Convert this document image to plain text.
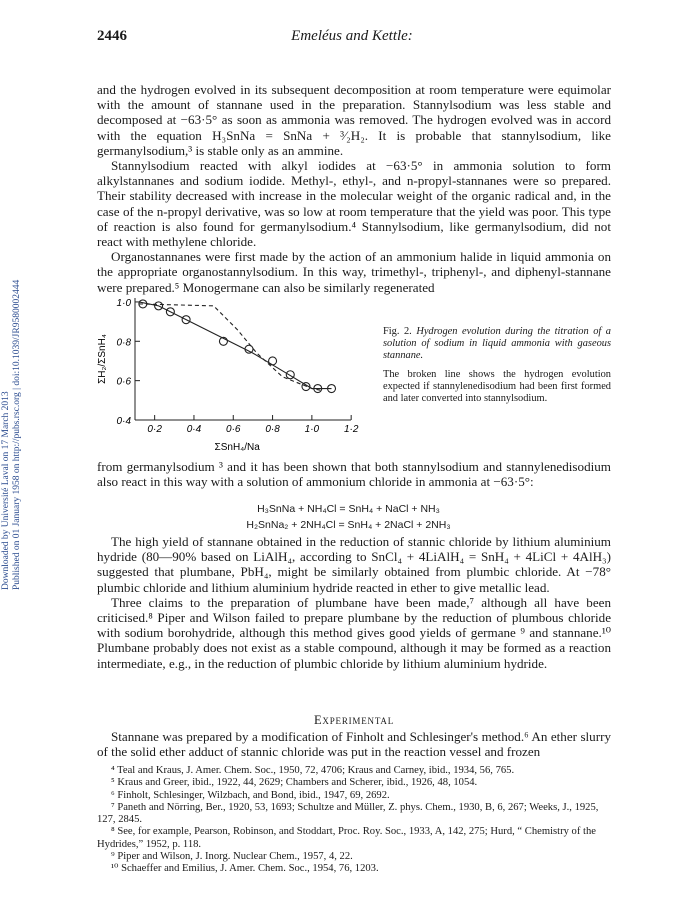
Downloaded by Université Laval on 17 March 2013 Published on 01 January 1958 on http://pubs.rsc.org | doi:10.1039/JR9580002444
2446	Emeléus and Kettle:

and the hydrogen evolved in its subsequent decomposition at room temperature were equimolar with the amount of stannane used in the preparation. Stannylsodium was less stable and decomposed at −63·5° as soon as ammonia was removed. The hydrogen evolved was in accord with the equation H₃SnNa = SnNa + ³⁄₂H₂. It is probable that stannylsodium, like germanylsodium,³ is stable only as an ammine.

Stannylsodium reacted with alkyl iodides at −63·5° in ammonia solution to form alkylstannanes and sodium iodide. Methyl-, ethyl-, and n-propyl-stannanes were so prepared. Their stability decreased with increase in the molecular weight of the organic radical and, in the case of the n-propyl derivative, was so low at room temperature that the yield was poor. This type of reaction is also found for germanylsodium.⁴ Stannylsodium, like germanylsodium, did not react with methylene chloride.

Organostannanes were first made by the action of an ammonium halide in liquid ammonia on the appropriate organostannylsodium. In this way, trimethyl-, triphenyl-, and diphenyl-stannane were prepared.⁵ Monogermane can also be similarly regenerated

0·2 0·4 0·6 0·8 1·0 1·2
1·0
0·8
0·6
0·4
ΣSnH₄/Na
ΣH₂/ΣSnH₄
Fig. 2. Hydrogen evolution during the titration of a solution of sodium in liquid ammonia with gaseous stannane.
The broken line shows the hydrogen evolution expected if stannylenedisodium had been first formed and later converted into stannylsodium.

from germanylsodium ³ and it has been shown that both stannylsodium and stannylenedisodium also react in this way with a solution of ammonium chloride in ammonia at −63·5°:

H₃SnNa + NH₄Cl = SnH₄ + NaCl + NH₃
H₂SnNa₂ + 2NH₄Cl = SnH₄ + 2NaCl + 2NH₃

The high yield of stannane obtained in the reduction of stannic chloride by lithium aluminium hydride (80—90% based on LiAlH₄, according to SnCl₄ + 4LiAlH₄ = SnH₄ + 4LiCl + 4AlH₃) suggested that plumbane, PbH₄, might be similarly obtained from plumbic chloride. At −78° plumbic chloride and lithium aluminium hydride reacted in ether to give metallic lead.

Three claims to the preparation of plumbane have been made,⁷ although all have been criticised.⁸ Piper and Wilson failed to prepare plumbane by the reduction of plumbous chloride with sodium borohydride, although this method gives good yields of germane ⁹ and stannane.¹⁰ Plumbane probably does not exist as a stable compound, although it may be formed as a reaction intermediate, e.g., in the reduction of plumbic chloride by lithium aluminium hydride.

Experimental

Stannane was prepared by a modification of Finholt and Schlesinger's method.⁶ An ether slurry of the solid ether adduct of stannic chloride was put in the reaction vessel and frozen

⁴ Teal and Kraus, J. Amer. Chem. Soc., 1950, 72, 4706; Kraus and Carney, ibid., 1934, 56, 765.
⁵ Kraus and Greer, ibid., 1922, 44, 2629; Chambers and Scherer, ibid., 1926, 48, 1054.
⁶ Finholt, Schlesinger, Wilzbach, and Bond, ibid., 1947, 69, 2692.
⁷ Paneth and Nörring, Ber., 1920, 53, 1693; Schultze and Müller, Z. phys. Chem., 1930, B, 6, 267; Weeks, J., 1925, 127, 2845.
⁸ See, for example, Pearson, Robinson, and Stoddart, Proc. Roy. Soc., 1933, A, 142, 275; Hurd, “ Chemistry of the Hydrides,” 1952, p. 118.
⁹ Piper and Wilson, J. Inorg. Nuclear Chem., 1957, 4, 22.
¹⁰ Schaeffer and Emilius, J. Amer. Chem. Soc., 1954, 76, 1203.
